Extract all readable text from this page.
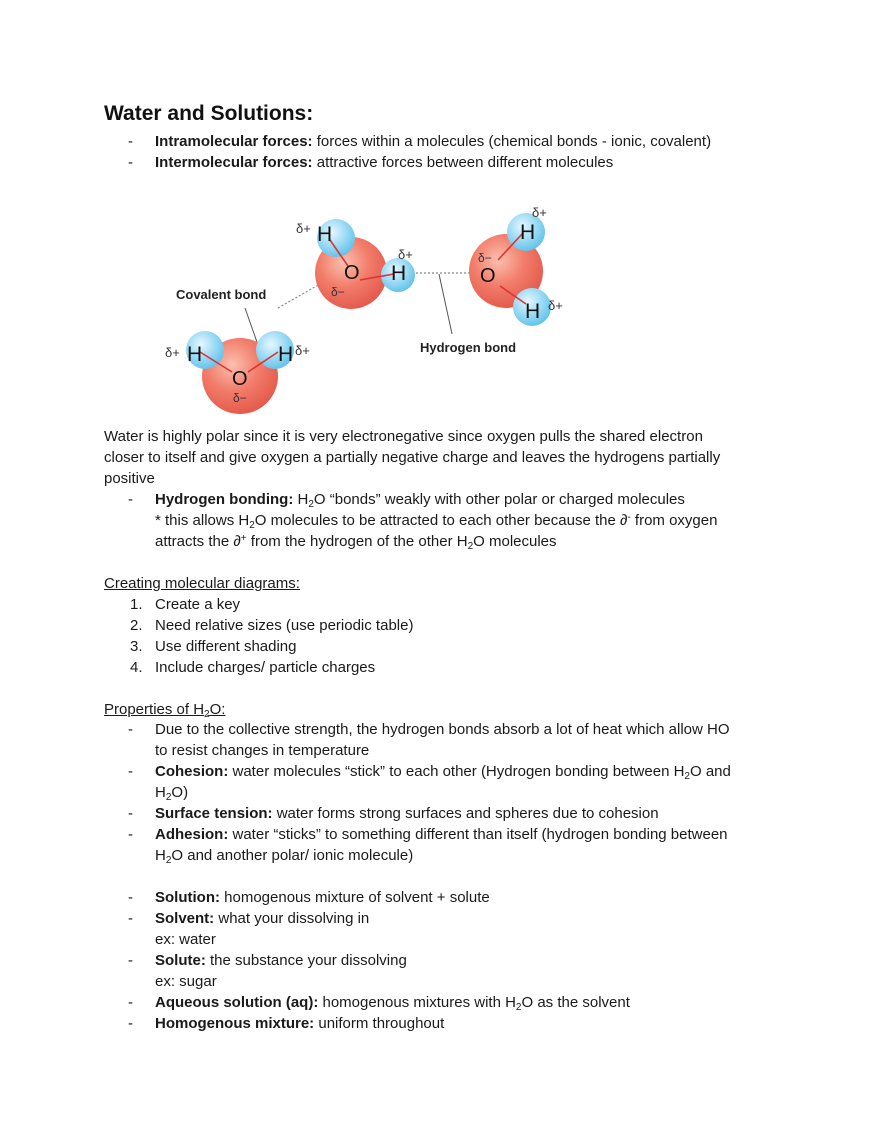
Water and Solutions:
- Intramolecular forces: forces within a molecules (chemical bonds - ionic, covalent)
- Intermolecular forces: attractive forces between different molecules
O
δ−
H
δ+	H δ+
O
δ−
H
δ+
H
δ+
O
δ−
H
δ+
H δ+
Covalent bond
Hydrogen bond
Water is highly polar since it is very electronegative since oxygen pulls the shared electron
closer to itself and give oxygen a partially negative charge and leaves the hydrogens partially
positive
- Hydrogen bonding: $H_2O$ “bonds” weakly with other polar or charged molecules
* this allows $H_2O$ molecules to be attracted to each other because the ∂- from oxygen
attracts the ∂+ from the hydrogen of the other $H_2O$ molecules
Creating molecular diagrams:
1. Create a key
2. Need relative sizes (use periodic table)
3. Use different shading
4. Include charges/ particle charges
Properties of $H_2O$:
- Due to the collective strength, the hydrogen bonds absorb a lot of heat which allow HO
to resist changes in temperature
- Cohesion: water molecules “stick” to each other (Hydrogen bonding between $H_2O$ and
$H_2O$)
- Surface tension: water forms strong surfaces and spheres due to cohesion
- Adhesion: water “sticks” to something different than itself (hydrogen bonding between
$H_2O$ and another polar/ ionic molecule)
- Solution: homogenous mixture of solvent + solute
- Solvent: what your dissolving in
ex: water
- Solute: the substance your dissolving
ex: sugar
- Aqueous solution (aq): homogenous mixtures with $H_2O$ as the solvent
- Homogenous mixture: uniform throughout
